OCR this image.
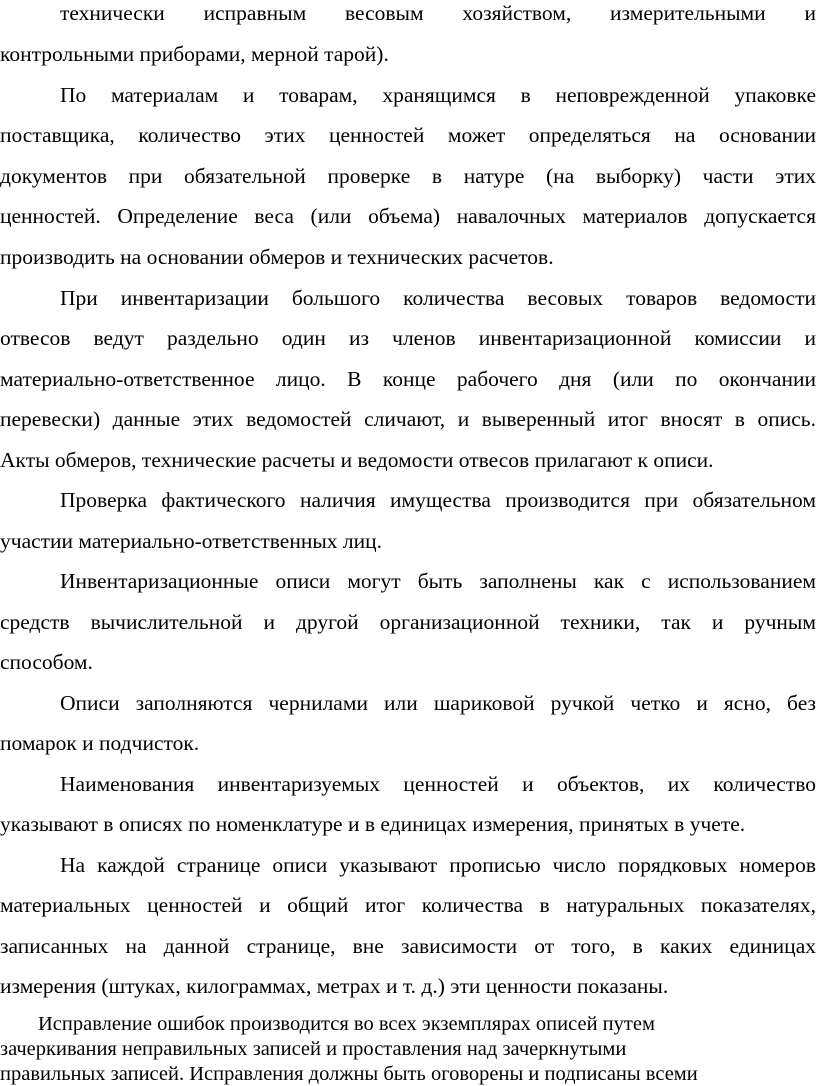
технически исправным весовым хозяйством, измерительными и
контрольными приборами, мерной тарой).
По материалам и товарам, хранящимся в неповрежденной упаковке
поставщика, количество этих ценностей может определяться на основании
документов при обязательной проверке в натуре (на выборку) части этих
ценностей. Определение веса (или объема) навалочных материалов допускается
производить на основании обмеров и технических расчетов.
При инвентаризации большого количества весовых товаров ведомости
отвесов ведут раздельно один из членов инвентаризационной комиссии и
материально-ответственное лицо. В конце рабочего дня (или по окончании
перевески) данные этих ведомостей сличают, и выверенный итог вносят в опись.
Акты обмеров, технические расчеты и ведомости отвесов прилагают к описи.
Проверка фактического наличия имущества производится при обязательном
участии материально-ответственных лиц.
Инвентаризационные описи могут быть заполнены как с использованием
средств вычислительной и другой организационной техники, так и ручным
способом.
Описи заполняются чернилами или шариковой ручкой четко и ясно, без
помарок и подчисток.
Наименования инвентаризуемых ценностей и объектов, их количество
указывают в описях по номенклатуре и в единицах измерения, принятых в учете.
На каждой странице описи указывают прописью число порядковых номеров
материальных ценностей и общий итог количества в натуральных показателях,
записанных на данной странице, вне зависимости от того, в каких единицах
измерения (штуках, килограммах, метрах и т. д.) эти ценности показаны.
Исправление ошибок производится во всех экземплярах описей путем
зачеркивания неправильных записей и проставления над зачеркнутыми
правильных записей. Исправления должны быть оговорены и подписаны всеми
